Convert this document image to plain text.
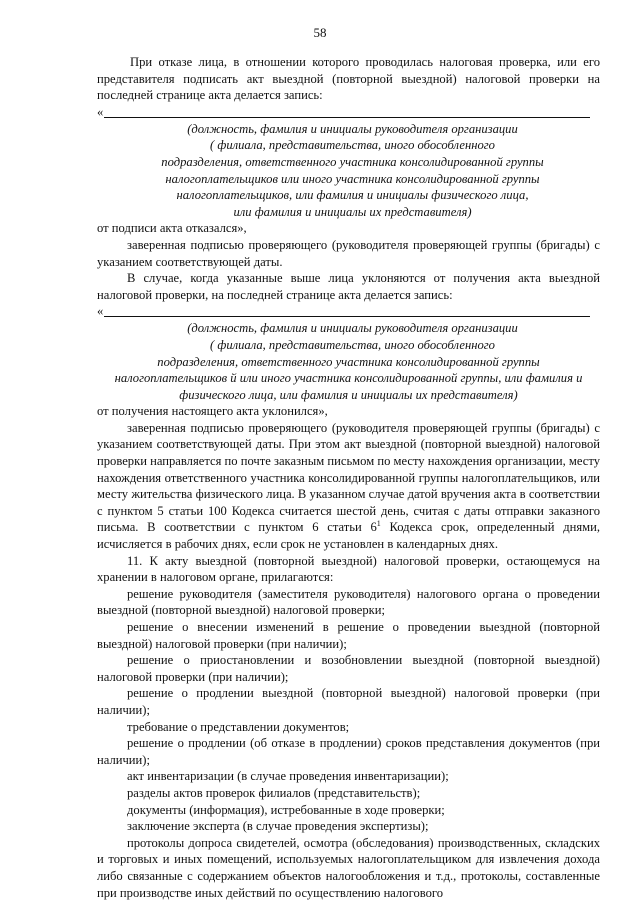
58

При отказе лица, в отношении которого проводилась налоговая проверка, или его представителя подписать акт выездной (повторной выездной) налоговой проверки на последней странице акта делается запись:

«

(должность, фамилия и инициалы руководителя организации

( филиала, представительства, иного обособленного

подразделения, ответственного участника консолидированной группы

налогоплательщиков или иного участника консолидированной группы

налогоплательщиков, или фамилия и инициалы физического лица,

или фамилия и инициалы их представителя)

от подписи акта отказался»,

заверенная подписью проверяющего (руководителя проверяющей группы (бригады) с указанием соответствующей даты.

В случае, когда указанные выше лица уклоняются от получения акта выездной налоговой проверки, на последней странице акта делается запись:

«

(должность, фамилия и инициалы руководителя организации

( филиала, представительства, иного обособленного

подразделения, ответственного участника консолидированной группы

налогоплательщиков й или иного участника консолидированной группы, или фамилия и

физического лица, или фамилия и инициалы их представителя)

от получения настоящего акта уклонился»,

заверенная подписью проверяющего (руководителя проверяющей группы (бригады) с указанием соответствующей даты. При этом акт выездной (повторной выездной) налоговой проверки направляется по почте заказным письмом по месту нахождения организации, месту нахождения ответственного участника консолидированной группы налогоплательщиков, или месту жительства физического лица. В указанном случае датой вручения акта в соответствии с пунктом 5 статьи 100 Кодекса считается шестой день, считая с даты отправки заказного письма. В соответствии с пунктом 6 статьи $6^1$ Кодекса срок, определенный днями, исчисляется в рабочих днях, если срок не установлен в календарных днях.

11. К акту выездной (повторной выездной) налоговой проверки, остающемуся на хранении в налоговом органе, прилагаются:

решение руководителя (заместителя руководителя) налогового органа о проведении выездной (повторной выездной) налоговой проверки;

решение о внесении изменений в решение о проведении выездной (повторной выездной) налоговой проверки (при наличии);

решение о приостановлении и возобновлении выездной (повторной выездной) налоговой проверки (при наличии);

решение о продлении выездной (повторной выездной) налоговой проверки (при наличии);

требование о представлении документов;

решение о продлении (об отказе в продлении) сроков представления документов (при наличии);

акт инвентаризации (в случае проведения инвентаризации);

разделы актов проверок филиалов (представительств);

документы (информация), истребованные в ходе проверки;

заключение эксперта (в случае проведения экспертизы);

протоколы допроса свидетелей, осмотра (обследования) производственных, складских и торговых и иных помещений, используемых налогоплательщиком для извлечения дохода либо связанные с содержанием объектов налогообложения и т.д., протоколы, составленные при производстве иных действий по осуществлению налогового
